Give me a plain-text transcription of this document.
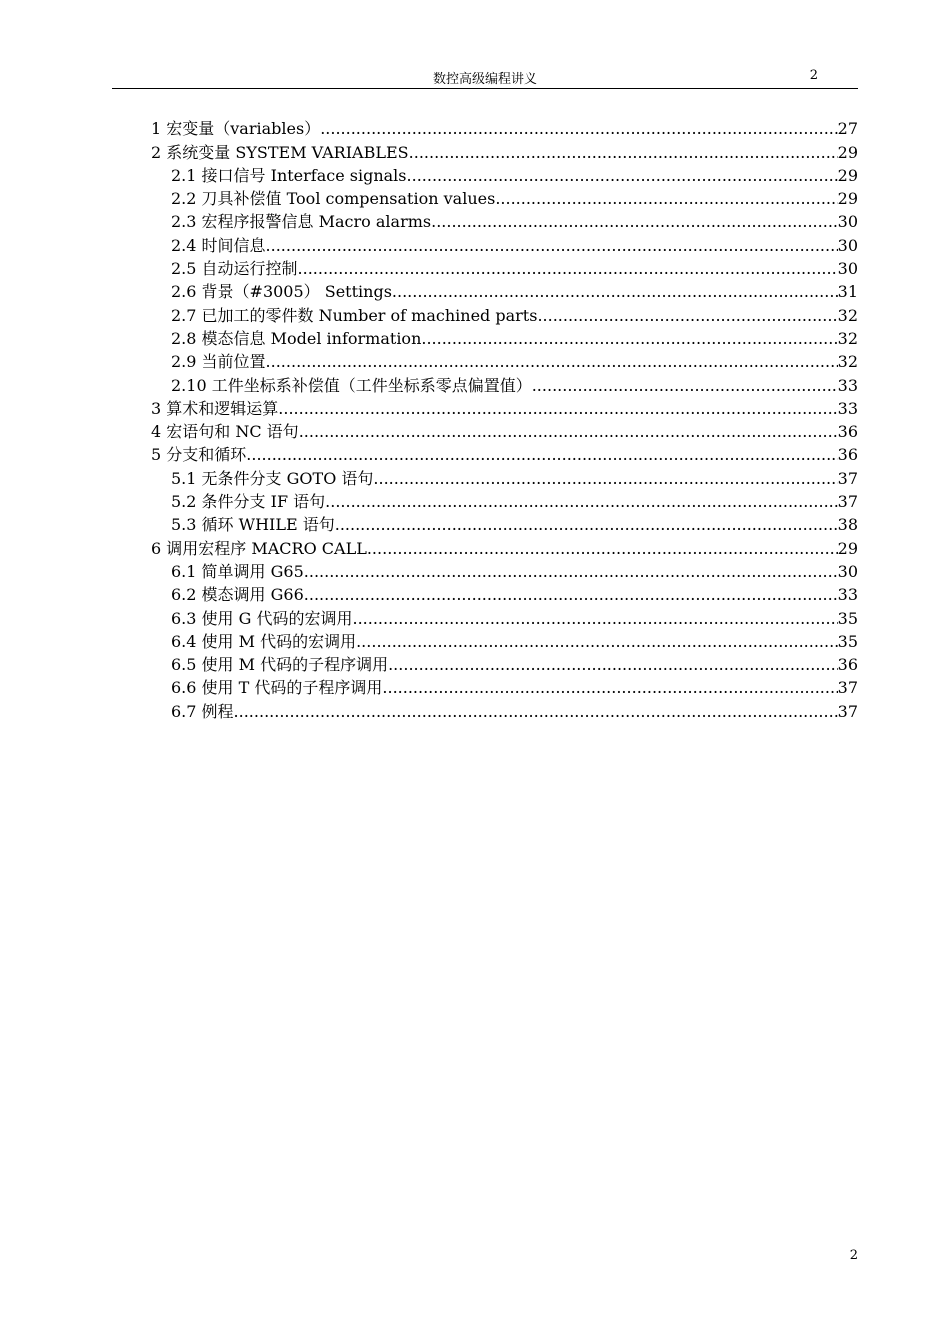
数控高级编程讲义	2
1 宏变量（variables） .....	27
2 系统变量 SYSTEM VARIABLES .....	29
2.1 接口信号 Interface signals .....	29
2.2 刀具补偿值 Tool compensation values .....	29
2.3 宏程序报警信息 Macro alarms .....	30
2.4 时间信息 .....	30
2.5 自动运行控制 .....	30
2.6 背景（#3005） Settings .....	31
2.7 已加工的零件数 Number of machined parts .....	32
2.8 模态信息 Model information .....	32
2.9 当前位置 .....	32
2.10 工件坐标系补偿值（工件坐标系零点偏置值） .....	33
3 算术和逻辑运算 .....	33
4 宏语句和 NC 语句 .....	36
5 分支和循环 .....	36
5.1 无条件分支 GOTO 语句 .....	37
5.2 条件分支 IF 语句 .....	37
5.3 循环 WHILE 语句 .....	38
6 调用宏程序 MACRO CALL .....	29
6.1 简单调用 G65 .....	30
6.2 模态调用 G66 .....	33
6.3 使用 G 代码的宏调用 .....	35
6.4 使用 M 代码的宏调用 .....	35
6.5 使用 M 代码的子程序调用 .....	36
6.6 使用 T 代码的子程序调用 .....	37
6.7 例程 .....	37
2
